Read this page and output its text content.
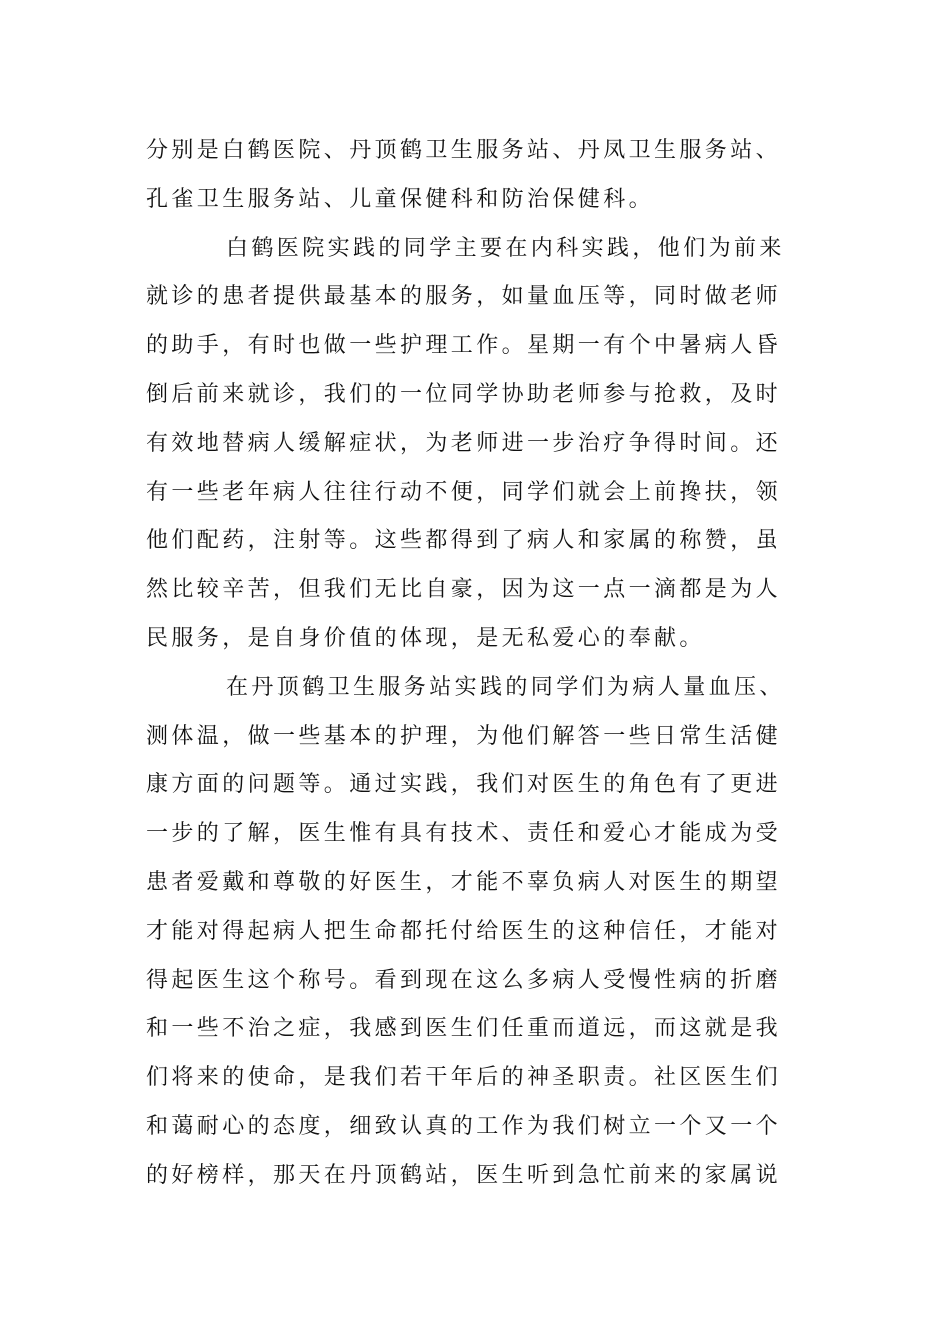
分别是白鹤医院、丹顶鹤卫生服务站、丹凤卫生服务站、
孔雀卫生服务站、儿童保健科和防治保健科。
白鹤医院实践的同学主要在内科实践，他们为前来
就诊的患者提供最基本的服务，如量血压等，同时做老师
的助手，有时也做一些护理工作。星期一有个中暑病人昏
倒后前来就诊，我们的一位同学协助老师参与抢救，及时
有效地替病人缓解症状，为老师进一步治疗争得时间。还
有一些老年病人往往行动不便，同学们就会上前搀扶，领
他们配药，注射等。这些都得到了病人和家属的称赞，虽
然比较辛苦，但我们无比自豪，因为这一点一滴都是为人
民服务，是自身价值的体现，是无私爱心的奉献。
在丹顶鹤卫生服务站实践的同学们为病人量血压、
测体温，做一些基本的护理，为他们解答一些日常生活健
康方面的问题等。通过实践，我们对医生的角色有了更进
一步的了解，医生惟有具有技术、责任和爱心才能成为受
患者爱戴和尊敬的好医生，才能不辜负病人对医生的期望
才能对得起病人把生命都托付给医生的这种信任，才能对
得起医生这个称号。看到现在这么多病人受慢性病的折磨
和一些不治之症，我感到医生们任重而道远，而这就是我
们将来的使命，是我们若干年后的神圣职责。社区医生们
和蔼耐心的态度，细致认真的工作为我们树立一个又一个
的好榜样，那天在丹顶鹤站，医生听到急忙前来的家属说
